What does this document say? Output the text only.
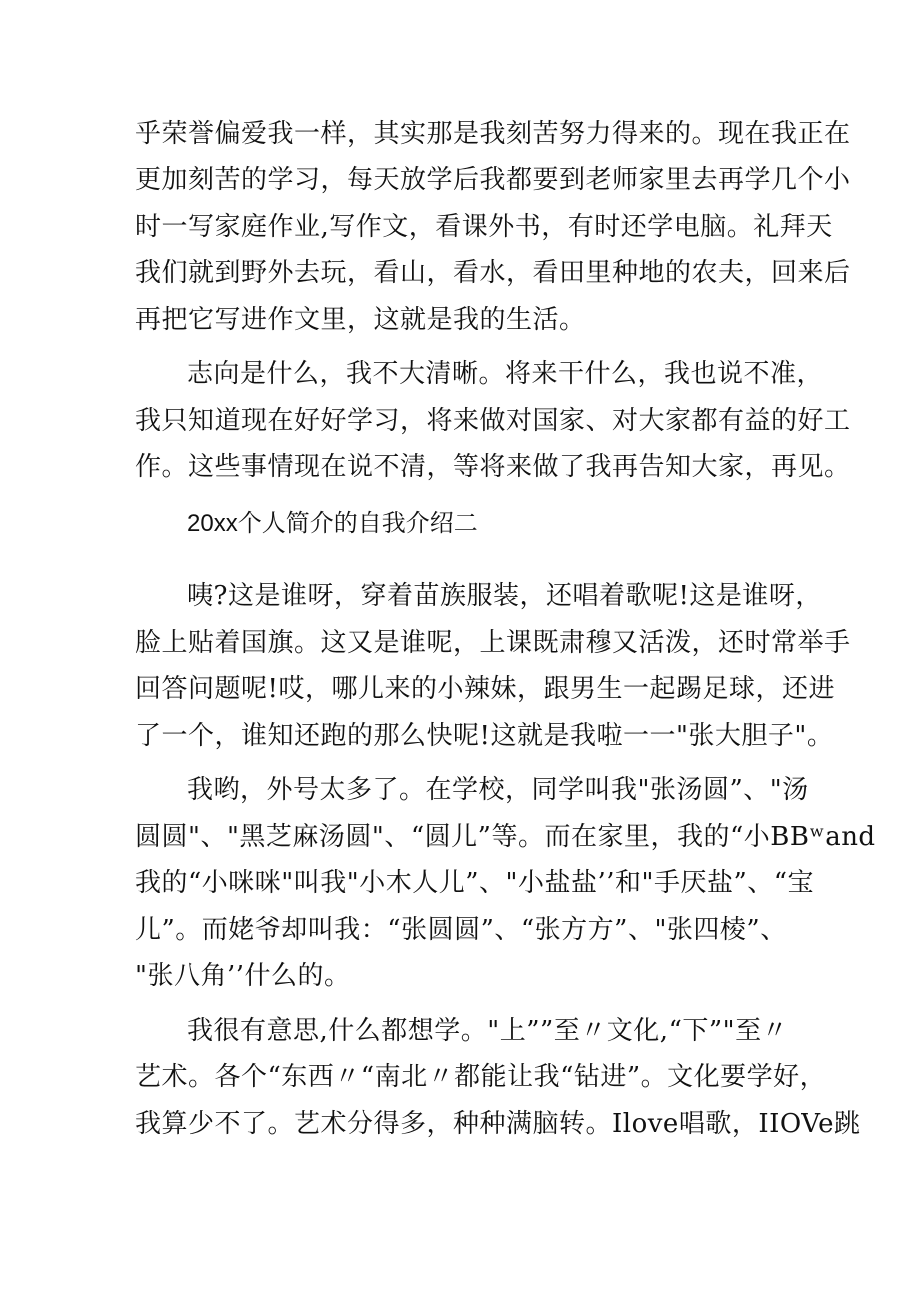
乎荣誉偏爱我一样，其实那是我刻苦努力得来的。现在我正在
更加刻苦的学习，每天放学后我都要到老师家里去再学几个小
时一写家庭作业,写作文，看课外书，有时还学电脑。礼拜天
我们就到野外去玩，看山，看水，看田里种地的农夫，回来后
再把它写进作文里，这就是我的生活。
志向是什么，我不大清晰。将来干什么，我也说不准，
我只知道现在好好学习，将来做对国家、对大家都有益的好工
作。这些事情现在说不清，等将来做了我再告知大家，再见。
20xx个人简介的自我介绍二
咦?这是谁呀，穿着苗族服装，还唱着歌呢!这是谁呀，
脸上贴着国旗。这又是谁呢，上课既肃穆又活泼，还时常举手
回答问题呢!哎，哪儿来的小辣妹，跟男生一起踢足球，还进
了一个，谁知还跑的那么快呢!这就是我啦一一"张大胆子"。
我哟，外号太多了。在学校，同学叫我"张汤圆”、"汤
圆圆"、"黑芝麻汤圆"、“圆儿”等。而在家里，我的“小BBʷand
我的“小咪咪"叫我"小木人儿”、"小盐盐’’和"手厌盐”、“宝
儿”。而姥爷却叫我：“张圆圆”、“张方方”、"张四棱”、
"张八角’’什么的。
我很有意思,什么都想学。"上””至〃文化,“下”"至〃
艺术。各个“东西〃“南北〃都能让我“钻进”。文化要学好，
我算少不了。艺术分得多，种种满脑转。Ilove唱歌，IIOVe跳
